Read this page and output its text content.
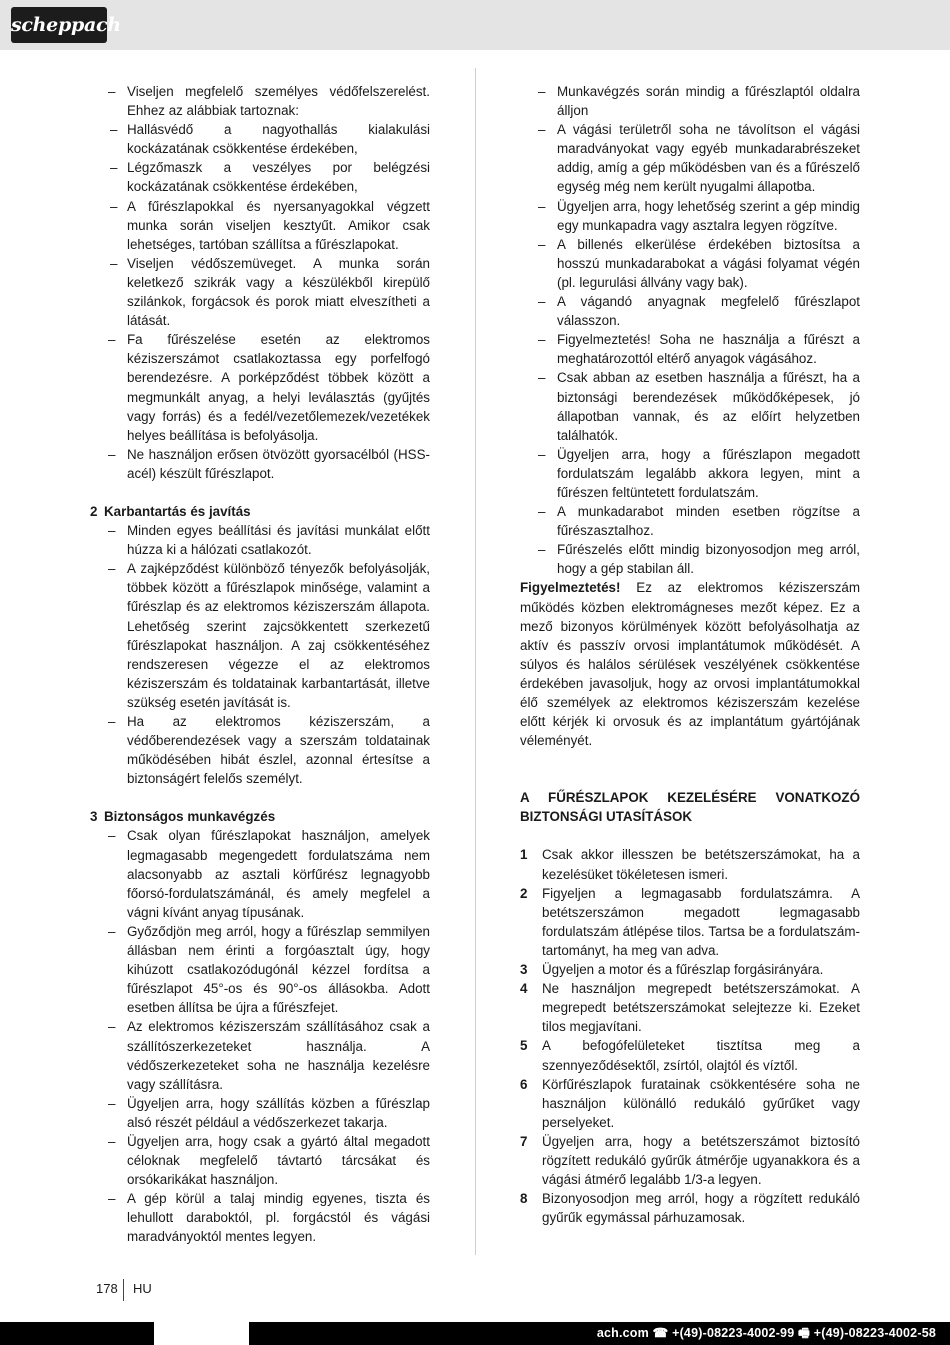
scheppach
– Viseljen megfelelő személyes védőfelszerelést. Ehhez az alábbiak tartoznak:
– Hallásvédő a nagyothallás kialakulási kockázatának csökkentése érdekében,
– Légzőmaszk a veszélyes por belégzési kockázatának csökkentése érdekében,
– A fűrészlapokkal és nyersanyagokkal végzett munka során viseljen kesztyűt. Amikor csak lehetséges, tartóban szállítsa a fűrészlapokat.
– Viseljen védőszemüveget. A munka során keletkező szikrák vagy a készülékből kirepülő szilánkok, forgácsok és porok miatt elveszítheti a látását.
– Fa fűrészelése esetén az elektromos kéziszerszámot csatlakoztassa egy porfelfogó berendezésre. A porképződést többek között a megmunkált anyag, a helyi leválasztás (gyűjtés vagy forrás) és a fedél/vezetőlemezek/vezetékek helyes beállítása is befolyásolja.
– Ne használjon erősen ötvözött gyorsacélból (HSS-acél) készült fűrészlapot.
2 Karbantartás és javítás
– Minden egyes beállítási és javítási munkálat előtt húzza ki a hálózati csatlakozót.
– A zajképződést különböző tényezők befolyásolják, többek között a fűrészlapok minősége, valamint a fűrészlap és az elektromos kéziszerszám állapota. Lehetőség szerint zajcsökkentett szerkezetű fűrészlapokat használjon. A zaj csökkentéséhez rendszeresen végezze el az elektromos kéziszerszám és toldatainak karbantartását, illetve szükség esetén javítását is.
– Ha az elektromos kéziszerszám, a védőberendezések vagy a szerszám toldatainak működésében hibát észlel, azonnal értesítse a biztonságért felelős személyt.
3 Biztonságos munkavégzés
– Csak olyan fűrészlapokat használjon, amelyek legmagasabb megengedett fordulatszáma nem alacsonyabb az asztali körfűrész legnagyobb főorsó-fordulatszámánál, és amely megfelel a vágni kívánt anyag típusának.
– Győződjön meg arról, hogy a fűrészlap semmilyen állásban nem érinti a forgóasztalt úgy, hogy kihúzott csatlakozódugónál kézzel fordítsa a fűrészlapot 45°-os és 90°-os állásokba. Adott esetben állítsa be újra a fűrészfejet.
– Az elektromos kéziszerszám szállításához csak a szállítószerkezeteket használja. A védőszerkezeteket soha ne használja kezelésre vagy szállításra.
– Ügyeljen arra, hogy szállítás közben a fűrészlap alsó részét például a védőszerkezet takarja.
– Ügyeljen arra, hogy csak a gyártó által megadott céloknak megfelelő távtartó tárcsákat és orsókarikákat használjon.
– A gép körül a talaj mindig egyenes, tiszta és lehullott daraboktól, pl. forgácstól és vágási maradványoktól mentes legyen.
– Munkavégzés során mindig a fűrészlaptól oldalra álljon
– A vágási területről soha ne távolítson el vágási maradványokat vagy egyéb munkadarabrészeket addig, amíg a gép működésben van és a fűrészelő egység még nem került nyugalmi állapotba.
– Ügyeljen arra, hogy lehetőség szerint a gép mindig egy munkapadra vagy asztalra legyen rögzítve.
– A billenés elkerülése érdekében biztosítsa a hosszú munkadarabokat a vágási folyamat végén (pl. legurulási állvány vagy bak).
– A vágandó anyagnak megfelelő fűrészlapot válasszon.
– Figyelmeztetés! Soha ne használja a fűrészt a meghatározottól eltérő anyagok vágásához.
– Csak abban az esetben használja a fűrészt, ha a biztonsági berendezések működőképesek, jó állapotban vannak, és az előírt helyzetben találhatók.
– Ügyeljen arra, hogy a fűrészlapon megadott fordulatszám legalább akkora legyen, mint a fűrészen feltüntetett fordulatszám.
– A munkadarabot minden esetben rögzítse a fűrészasztalhoz.
– Fűrészelés előtt mindig bizonyosodjon meg arról, hogy a gép stabilan áll.
Figyelmeztetés! Ez az elektromos kéziszerszám működés közben elektromágneses mezőt képez. Ez a mező bizonyos körülmények között befolyásolhatja az aktív és passzív orvosi implantátumok működését. A súlyos és halálos sérülések veszélyének csökkentése érdekében javasoljuk, hogy az orvosi implantátumokkal élő személyek az elektromos kéziszerszám kezelése előtt kérjék ki orvosuk és az implantátum gyártójának véleményét.
A FŰRÉSZLAPOK KEZELÉSÉRE VONATKOZÓ BIZTONSÁGI UTASÍTÁSOK
1 Csak akkor illesszen be betétszerszámokat, ha a kezelésüket tökéletesen ismeri.
2 Figyeljen a legmagasabb fordulatszámra. A betétszerszámon megadott legmagasabb fordulatszám átlépése tilos. Tartsa be a fordulatszám-tartományt, ha meg van adva.
3 Ügyeljen a motor és a fűrészlap forgásirányára.
4 Ne használjon megrepedt betétszerszámokat. A megrepedt betétszerszámokat selejtezze ki. Ezeket tilos megjavítani.
5 A befogófelületeket tisztítsa meg a szennyeződésektől, zsírtól, olajtól és víztől.
6 Körfűrészlapok furatainak csökkentésére soha ne használjon különálló redukáló gyűrűket vagy perselyeket.
7 Ügyeljen arra, hogy a betétszerszámot biztosító rögzített redukáló gyűrűk átmérője ugyanakkora és a vágási átmérő legalább 1/3-a legyen.
8 Bizonyosodjon meg arról, hogy a rögzített redukáló gyűrűk egymással párhuzamosak.
178 HU
ach.com ☎ +(49)-08223-4002-99 🖷 +(49)-08223-4002-58
